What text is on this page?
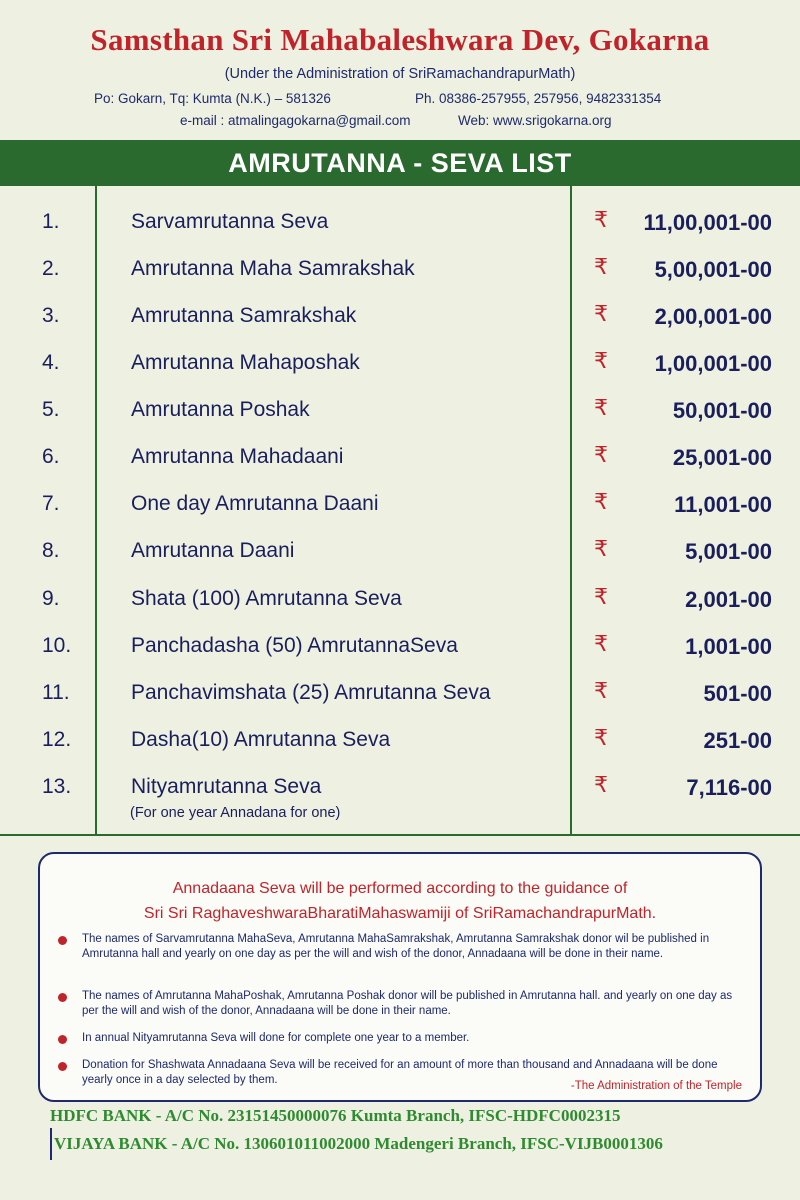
Samsthan Sri Mahabaleshwara Dev, Gokarna
(Under the Administration of SriRamachandrapurMath)
Po: Gokarn, Tq: Kumta (N.K.) – 581326	Ph. 08386-257955, 257956, 9482331354
e-mail : atmalingagokarna@gmail.com	Web: www.srigokarna.org
AMRUTANNA - SEVA LIST
1.	Sarvamrutanna Seva	₹ 11,00,001-00
2.	Amrutanna Maha Samrakshak	₹ 5,00,001-00
3.	Amrutanna Samrakshak	₹ 2,00,001-00
4.	Amrutanna Mahaposhak	₹ 1,00,001-00
5.	Amrutanna Poshak	₹	50,001-00
6.	Amrutanna Mahadaani	₹	25,001-00
7.	One day Amrutanna Daani	₹	11,001-00
8.	Amrutanna Daani	₹	5,001-00
9.	Shata (100) Amrutanna Seva	₹	2,001-00
10.	Panchadasha (50) AmrutannaSeva	₹	1,001-00
11.	Panchavimshata (25) Amrutanna Seva	₹	501-00
12.	Dasha(10) Amrutanna Seva	₹	251-00
13.	Nityamrutanna Seva	₹	7,116-00
(For one year Annadana for one)
Annadaana Seva will be performed according to the guidance of
Sri Sri RaghaveshwaraBharatiMahaswamiji of SriRamachandrapurMath.
The names of Sarvamrutanna MahaSeva, Amrutanna MahaSamrakshak, Amrutanna Samrakshak donor wil be published in Amrutanna hall and yearly on one day as per the will and wish of the donor, Annadaana will be done in their name.
The names of Amrutanna MahaPoshak, Amrutanna Poshak donor will be published in Amrutanna hall. and yearly on one day as per the will and wish of the donor, Annadaana will be done in their name.
In annual Nityamrutanna Seva will done for complete one year to a member.
Donation for Shashwata Annadaana Seva will be received for an amount of more than thousand and Annadaana will be done yearly once in a day selected by them.	-The Administration of the Temple
HDFC BANK - A/C No. 23151450000076 Kumta Branch, IFSC-HDFC0002315
VIJAYA BANK - A/C No. 130601011002000 Madengeri Branch, IFSC-VIJB0001306
